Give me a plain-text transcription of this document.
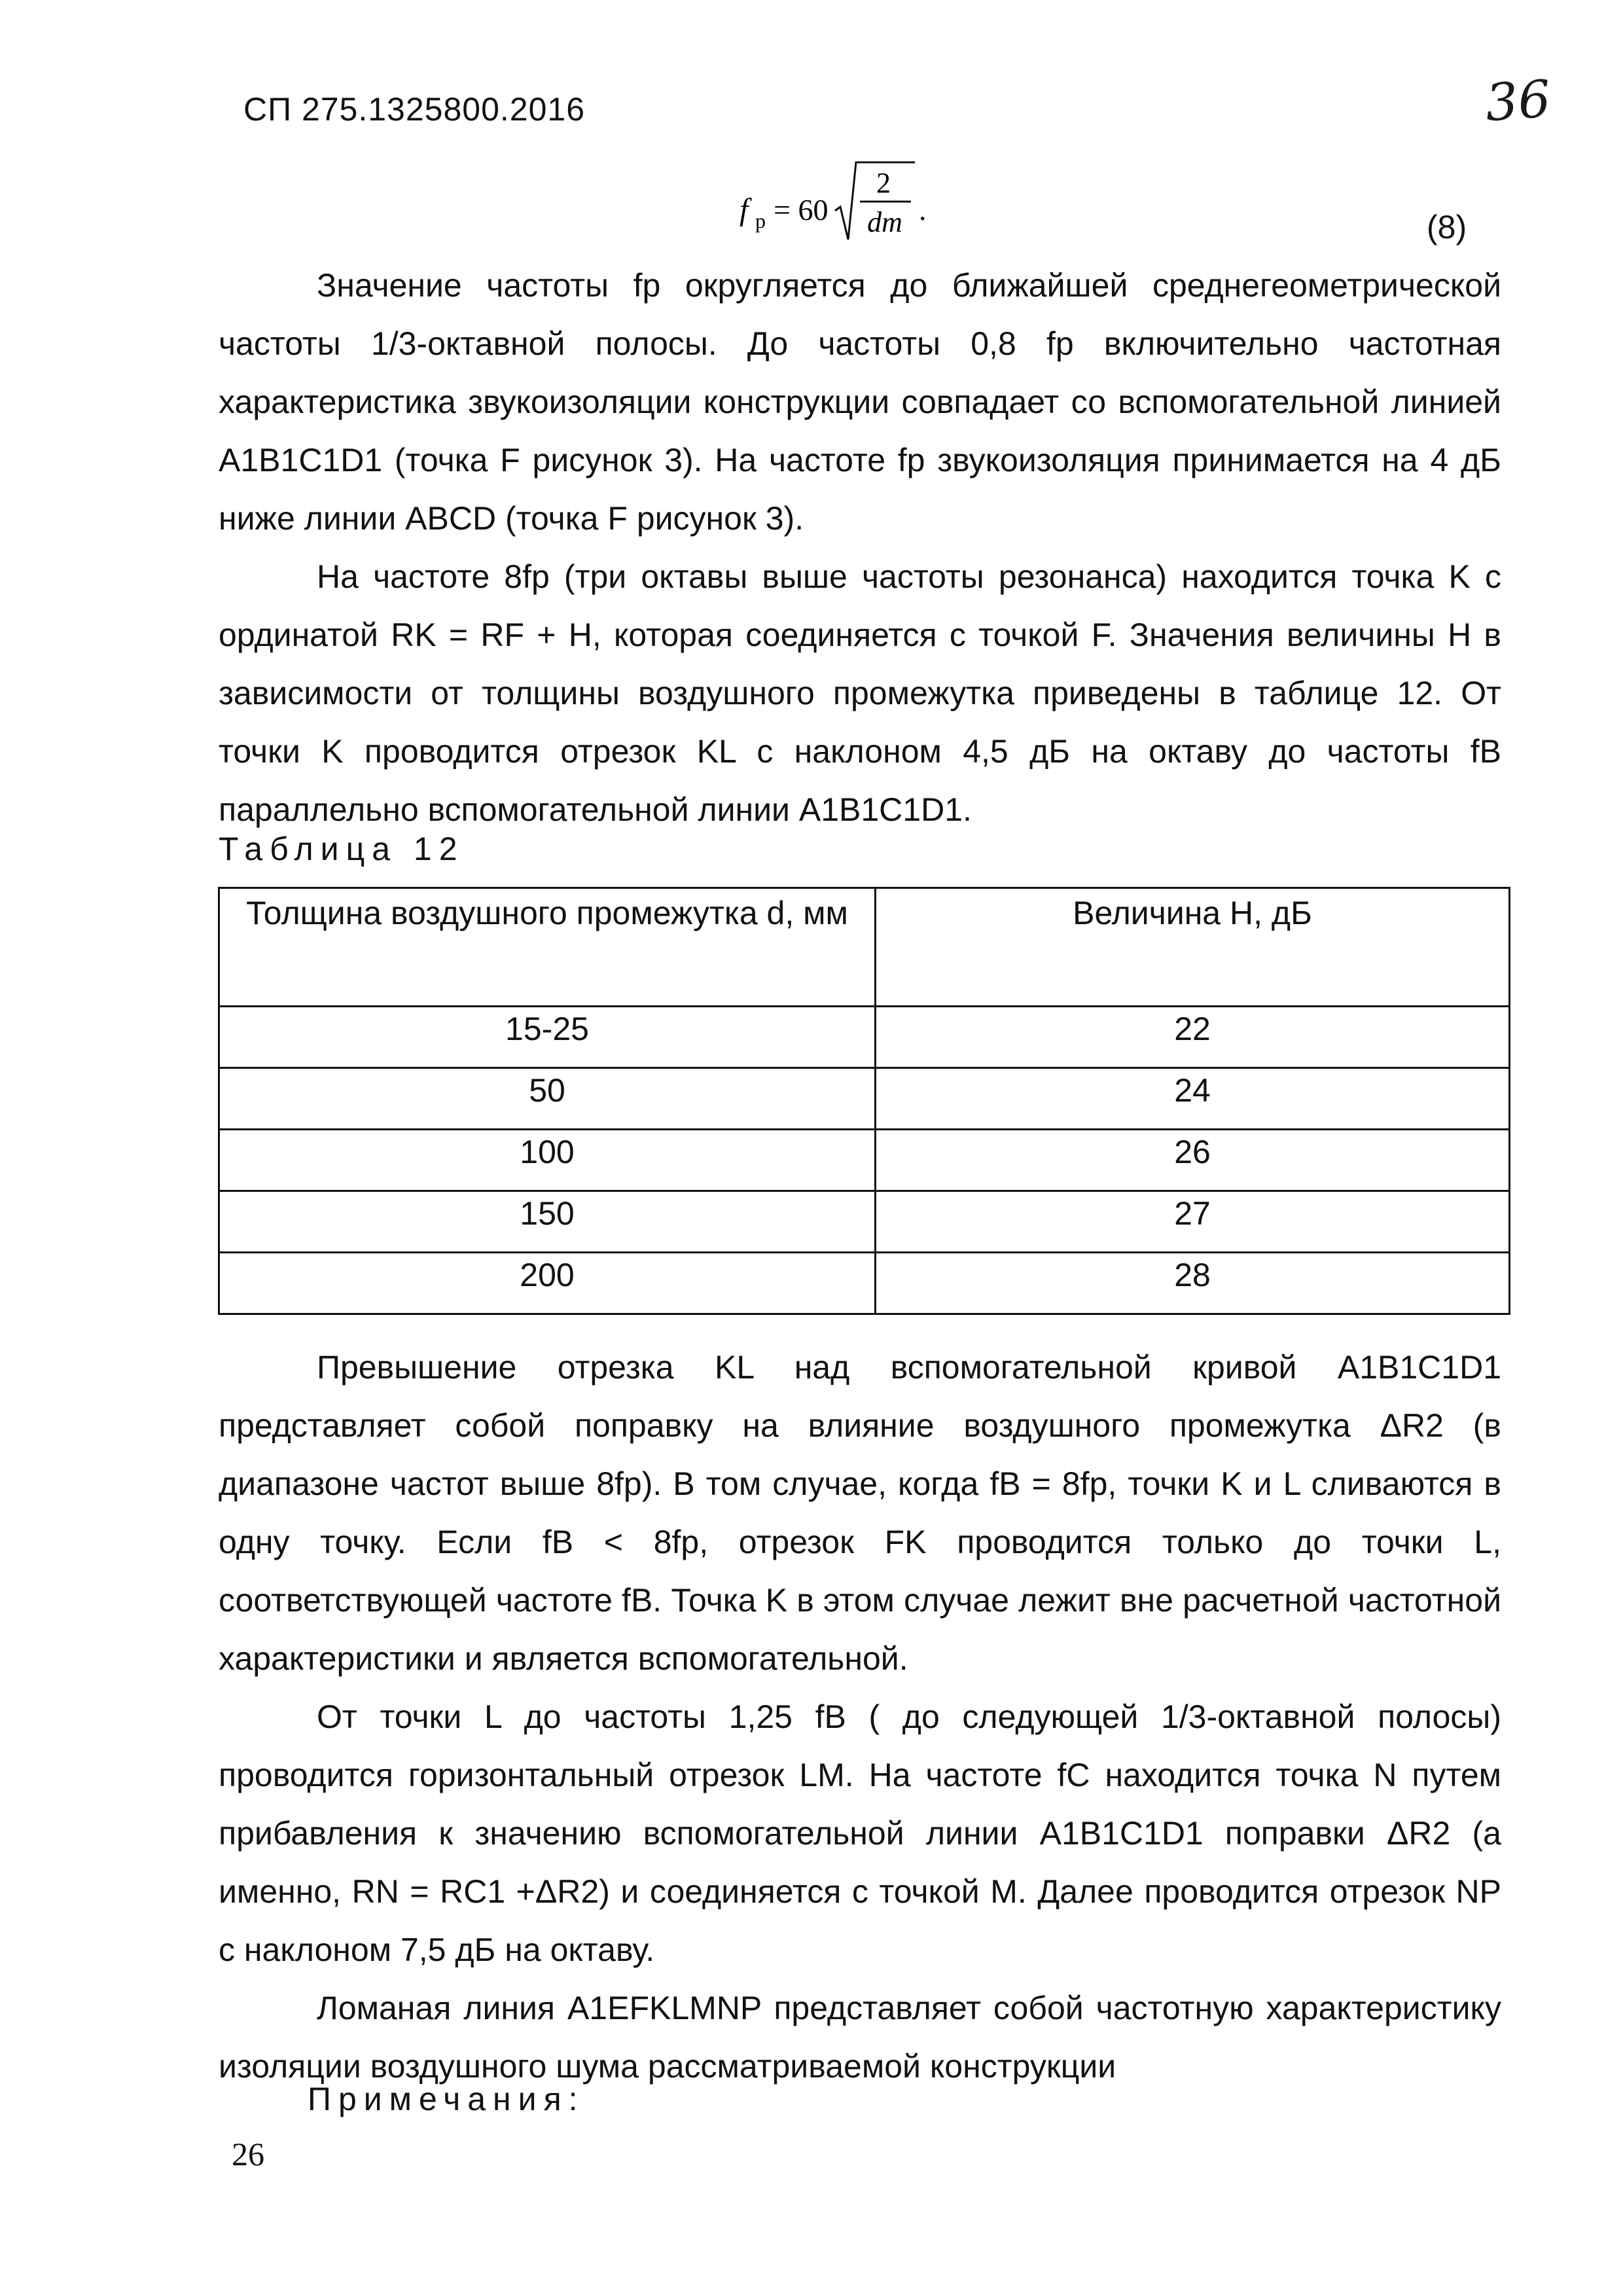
СП 275.1325800.2016	36
f р = 60
2
dm .	(8)

Значение частоты fр округляется до ближайшей среднегеометрической частоты 1/3-октавной полосы. До частоты 0,8 fр включительно частотная характеристика звукоизоляции конструкции совпадает со вспомогательной линией A1B1C1D1 (точка F рисунок 3). На частоте fр звукоизоляция принимается на 4 дБ ниже линии ABCD (точка F рисунок 3).

На частоте 8fр (три октавы выше частоты резонанса) находится точка K с ординатой RK = RF + H, которая соединяется с точкой F. Значения величины H в зависимости от толщины воздушного промежутка приведены в таблице 12. От точки K проводится отрезок KL с наклоном 4,5 дБ на октаву до частоты fB параллельно вспомогательной линии A1B1C1D1.

Таблица 12
Толщина воздушного промежутка d, мм	Величина H, дБ
15-25	22
50	24
100	26
150	27
200	28

Превышение отрезка KL над вспомогательной кривой A1B1C1D1 представляет собой поправку на влияние воздушного промежутка ΔR2 (в диапазоне частот выше 8fр). В том случае, когда fB = 8fр, точки K и L сливаются в одну точку. Если fB < 8fр, отрезок FK проводится только до точки L, соответствующей частоте fB. Точка K в этом случае лежит вне расчетной частотной характеристики и является вспомогательной.

От точки L до частоты 1,25 fB ( до следующей 1/3-октавной полосы) проводится горизонтальный отрезок LM. На частоте fC находится точка N путем прибавления к значению вспомогательной линии A1B1C1D1 поправки ΔR2 (а именно, RN = RC1 +ΔR2) и соединяется с точкой M. Далее проводится отрезок NP с наклоном 7,5 дБ на октаву.

Ломаная линия A1EFKLMNP представляет собой частотную характеристику изоляции воздушного шума рассматриваемой конструкции

Примечания:
26
